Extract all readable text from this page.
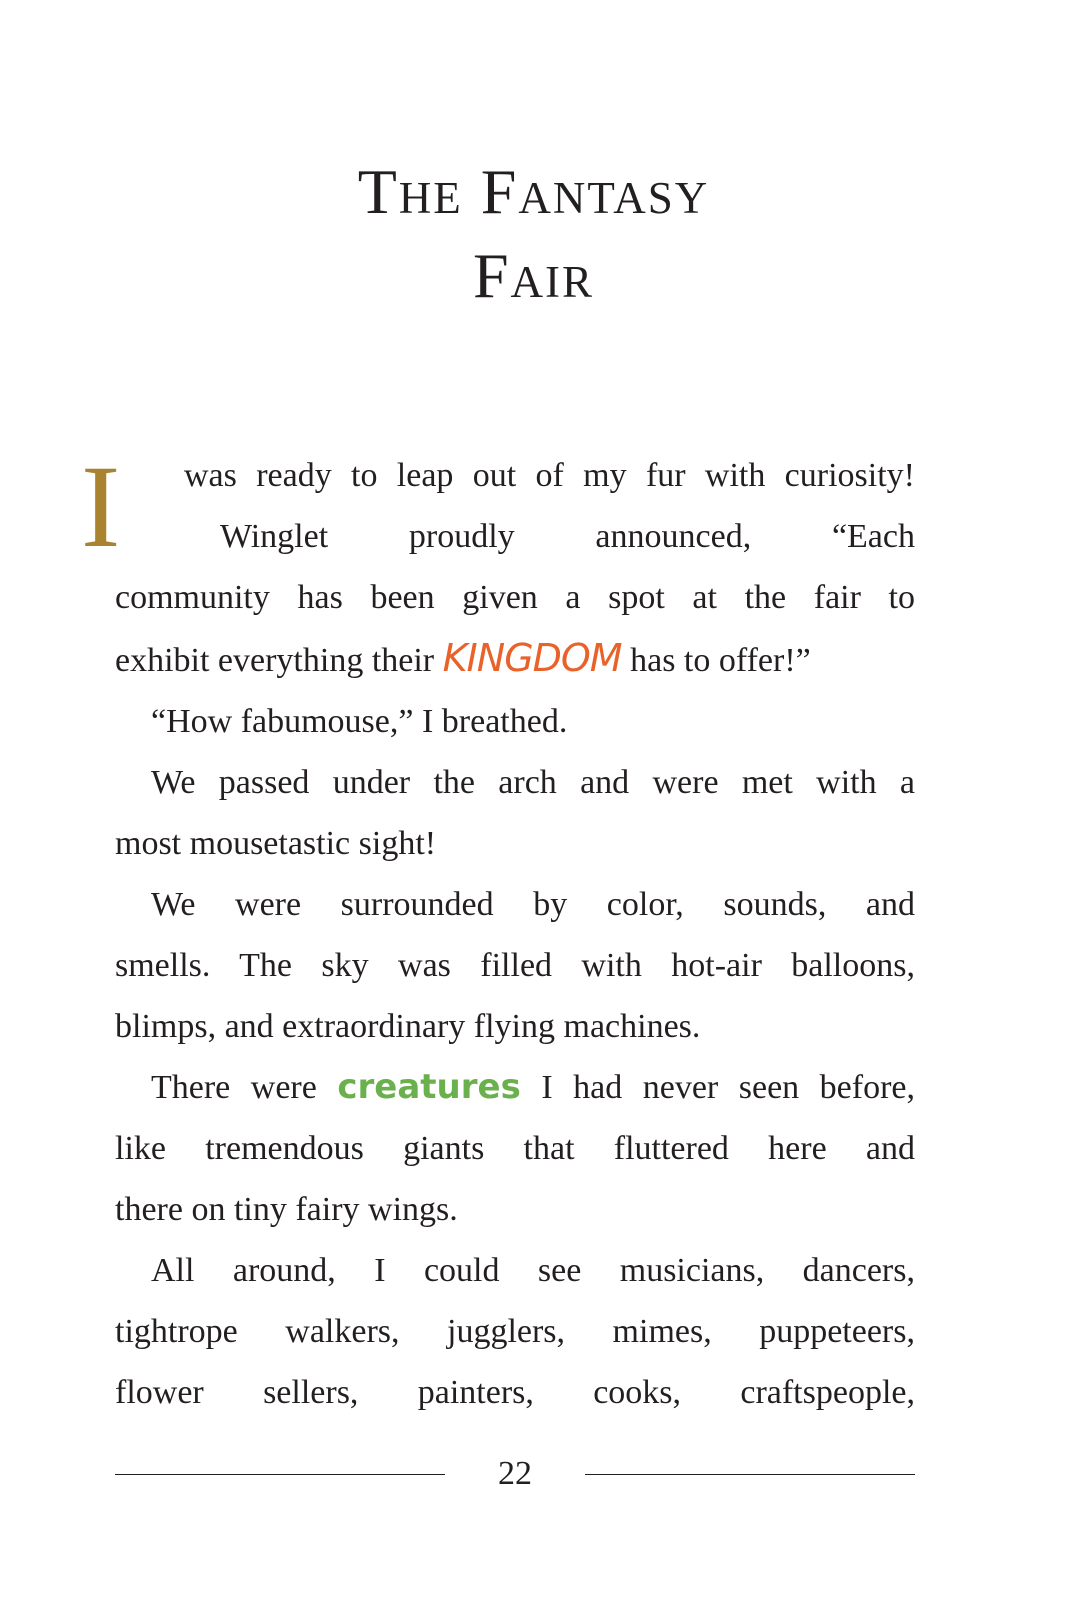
The Fantasy
Fair
I	was ready to leap out of my fur with curiosity!
Winglet proudly announced, “Each
community has been given a spot at the fair to
exhibit everything their KINGDOM has to offer!”

“How fabumouse,” I breathed.

We passed under the arch and were met with a
most mousetastic sight!

We were surrounded by color, sounds, and
smells. The sky was filled with hot-air balloons,
blimps, and extraordinary flying machines.

There were creatures I had never seen before,
like tremendous giants that fluttered here and
there on tiny fairy wings.

All around, I could see musicians, dancers,
tightrope walkers, jugglers, mimes, puppeteers,
flower sellers, painters, cooks, craftspeople,

22
